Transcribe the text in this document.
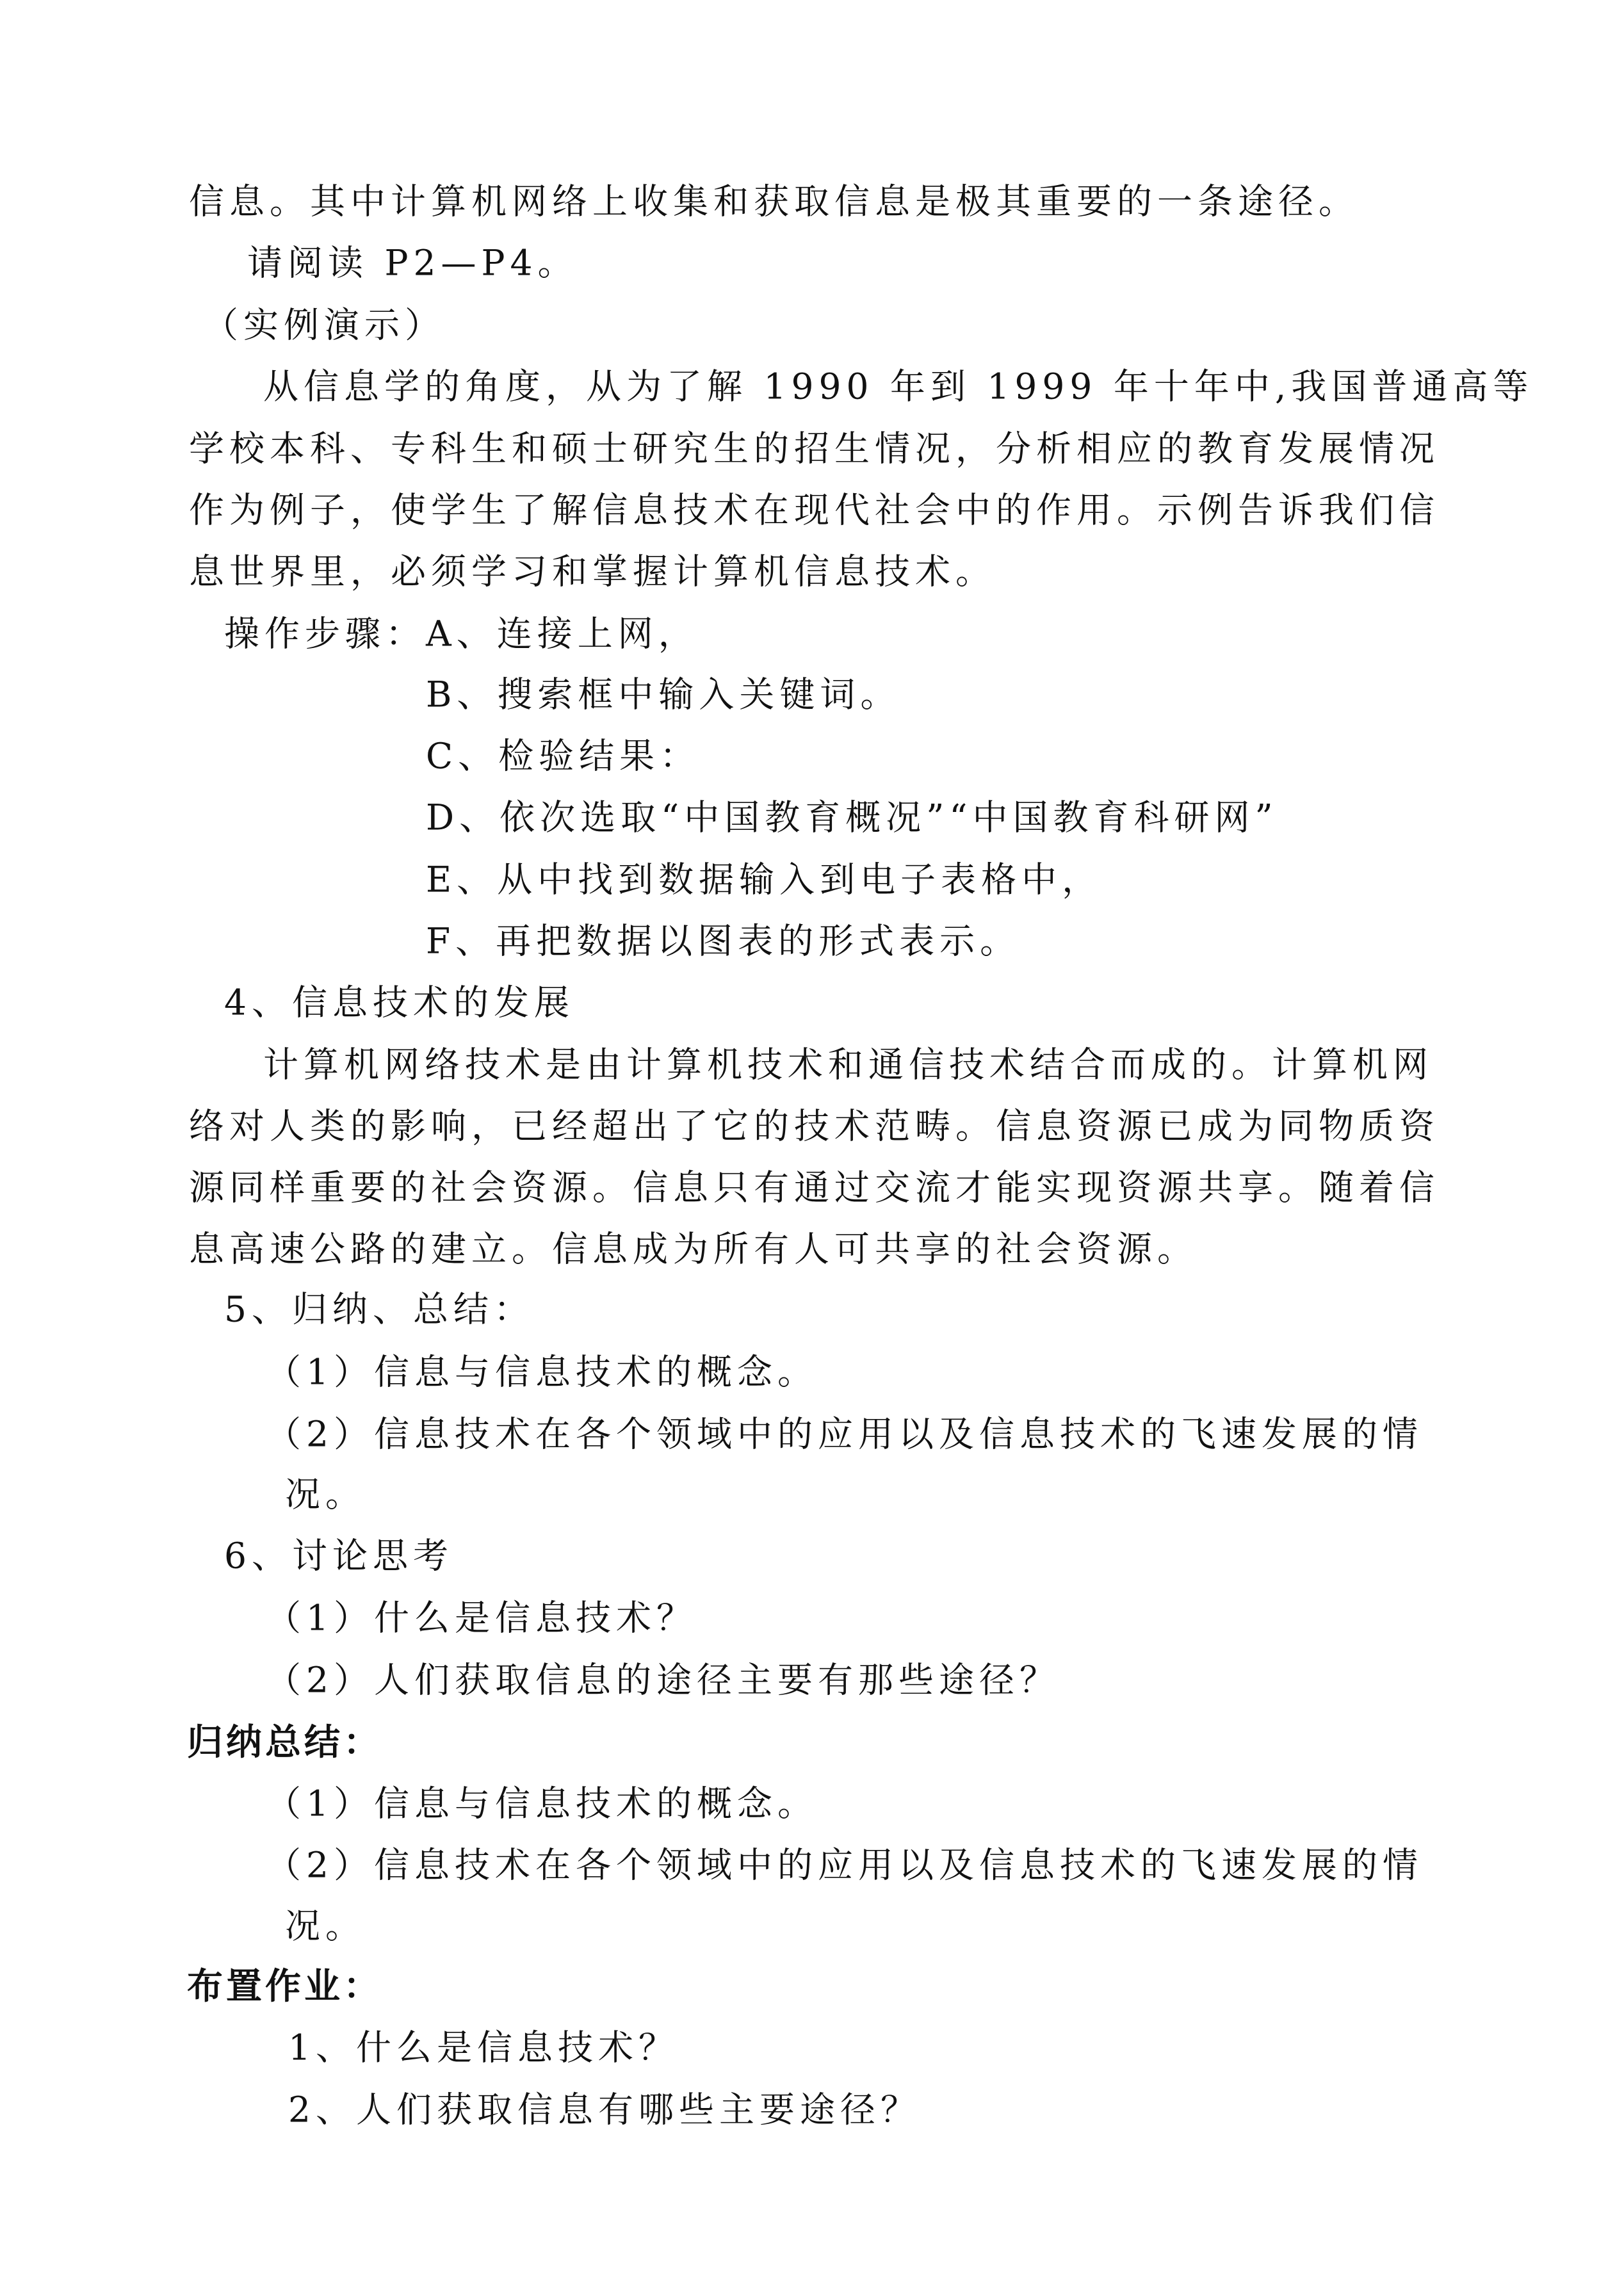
信息。其中计算机网络上收集和获取信息是极其重要的一条途径。
请阅读 P2—P4。
（实例演示）
从信息学的角度，从为了解 1990 年到 1999 年十年中,我国普通高等
学校本科、专科生和硕士研究生的招生情况，分析相应的教育发展情况
作为例子，使学生了解信息技术在现代社会中的作用。示例告诉我们信
息世界里，必须学习和掌握计算机信息技术。
操作步骤： A、连接上网，
B、搜索框中输入关键词。
C、检验结果：
D、依次选取“中国教育概况”“中国教育科研网”
E、从中找到数据输入到电子表格中，
F、再把数据以图表的形式表示。
4、信息技术的发展
计算机网络技术是由计算机技术和通信技术结合而成的。计算机网
络对人类的影响，已经超出了它的技术范畴。信息资源已成为同物质资
源同样重要的社会资源。信息只有通过交流才能实现资源共享。随着信
息高速公路的建立。信息成为所有人可共享的社会资源。
5、归纳、总结：
（1）信息与信息技术的概念。
（2）信息技术在各个领域中的应用以及信息技术的飞速发展的情
况。
6、讨论思考
（1）什么是信息技术？
（2）人们获取信息的途径主要有那些途径？
归纳总结：
（1）信息与信息技术的概念。
（2）信息技术在各个领域中的应用以及信息技术的飞速发展的情
况。
布置作业：
1、什么是信息技术？
2、人们获取信息有哪些主要途径？
